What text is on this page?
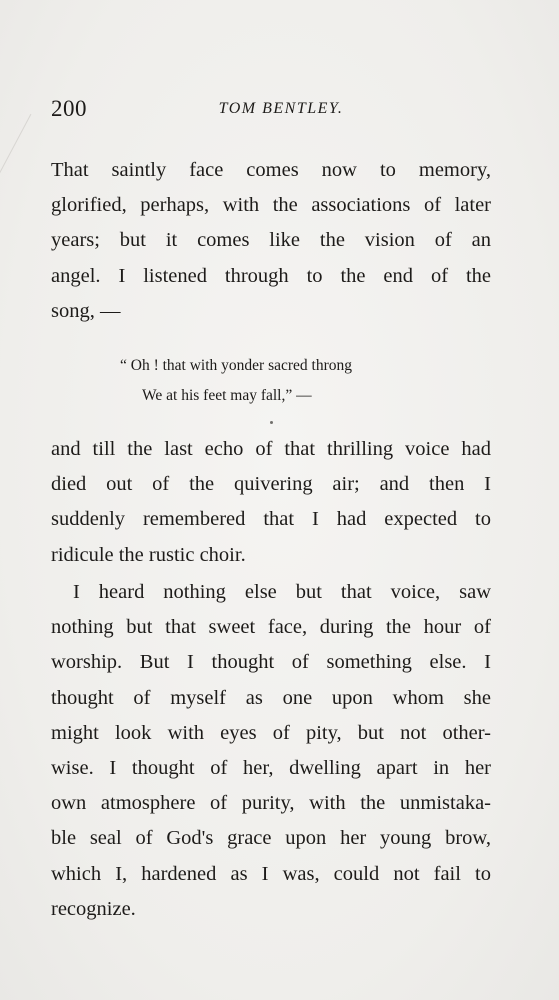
200	TOM BENTLEY.
That saintly face comes now to memory,
glorified, perhaps, with the associations of later
years; but it comes like the vision of an
angel. I listened through to the end of the
song, —
“ Oh ! that with yonder sacred throng
We at his feet may fall,” —
and till the last echo of that thrilling voice had
died out of the quivering air; and then I
suddenly remembered that I had expected to
ridicule the rustic choir.
I heard nothing else but that voice, saw
nothing but that sweet face, during the hour of
worship. But I thought of something else. I
thought of myself as one upon whom she
might look with eyes of pity, but not other-
wise. I thought of her, dwelling apart in her
own atmosphere of purity, with the unmistaka-
ble seal of God's grace upon her young brow,
which I, hardened as I was, could not fail to
recognize.
